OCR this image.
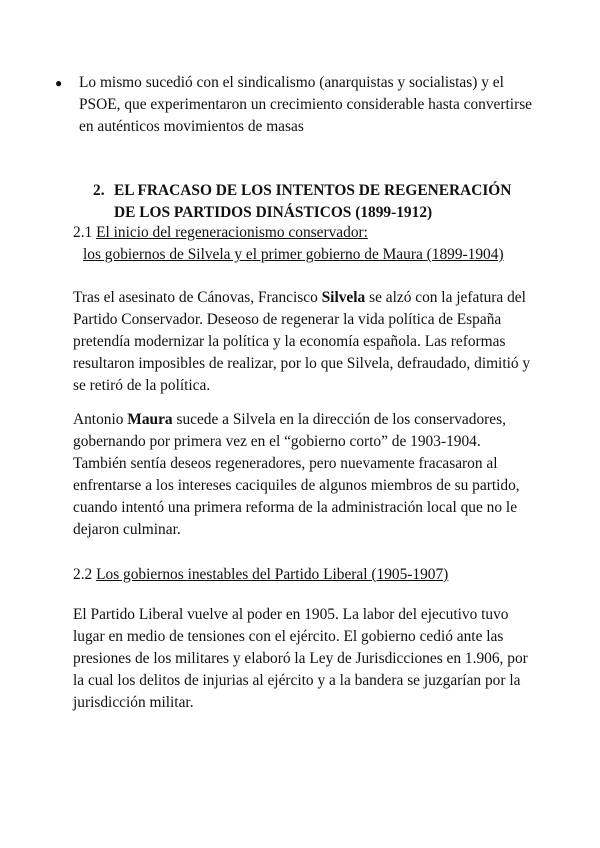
●	Lo mismo sucedió con el sindicalismo (anarquistas y socialistas) y el PSOE, que experimentaron un crecimiento considerable hasta convertirse en auténticos movimientos de masas
2. EL FRACASO DE LOS INTENTOS DE REGENERACIÓN
DE LOS PARTIDOS DINÁSTICOS (1899-1912)
2.1 El inicio del regeneracionismo conservador:
los gobiernos de Silvela y el primer gobierno de Maura (1899-1904)
Tras el asesinato de Cánovas, Francisco Silvela se alzó con la jefatura del Partido Conservador. Deseoso de regenerar la vida política de España pretendía modernizar la política y la economía española. Las reformas resultaron imposibles de realizar, por lo que Silvela, defraudado, dimitió y se retiró de la política.
Antonio Maura sucede a Silvela en la dirección de los conservadores, gobernando por primera vez en el “gobierno corto” de 1903-1904. También sentía deseos regeneradores, pero nuevamente fracasaron al enfrentarse a los intereses caciquiles de algunos miembros de su partido, cuando intentó una primera reforma de la administración local que no le dejaron culminar.
2.2 Los gobiernos inestables del Partido Liberal (1905-1907)
El Partido Liberal vuelve al poder en 1905. La labor del ejecutivo tuvo lugar en medio de tensiones con el ejército. El gobierno cedió ante las presiones de los militares y elaboró la Ley de Jurisdicciones en 1.906, por la cual los delitos de injurias al ejército y a la bandera se juzgarían por la jurisdicción militar.
